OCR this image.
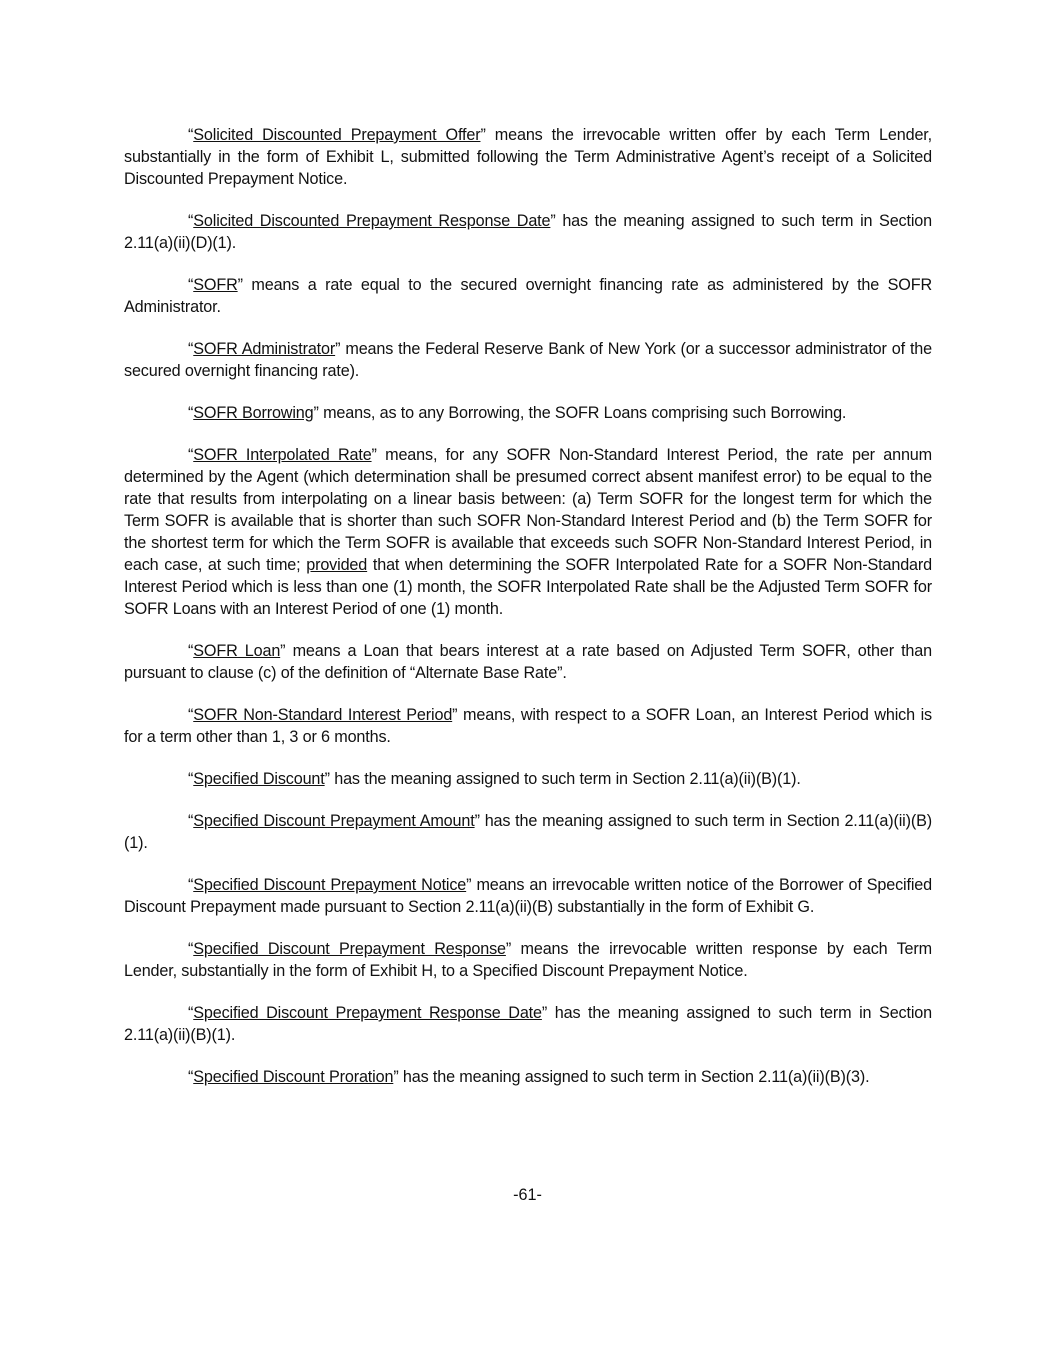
“Solicited Discounted Prepayment Offer” means the irrevocable written offer by each Term Lender, substantially in the form of Exhibit L, submitted following the Term Administrative Agent’s receipt of a Solicited Discounted Prepayment Notice.

“Solicited Discounted Prepayment Response Date” has the meaning assigned to such term in Section 2.11(a)(ii)(D)(1).

“SOFR” means a rate equal to the secured overnight financing rate as administered by the SOFR Administrator.

“SOFR Administrator” means the Federal Reserve Bank of New York (or a successor administrator of the secured overnight financing rate).

“SOFR Borrowing” means, as to any Borrowing, the SOFR Loans comprising such Borrowing.

“SOFR Interpolated Rate” means, for any SOFR Non-Standard Interest Period, the rate per annum determined by the Agent (which determination shall be presumed correct absent manifest error) to be equal to the rate that results from interpolating on a linear basis between: (a) Term SOFR for the longest term for which the Term SOFR is available that is shorter than such SOFR Non-Standard Interest Period and (b) the Term SOFR for the shortest term for which the Term SOFR is available that exceeds such SOFR Non-Standard Interest Period, in each case, at such time; provided that when determining the SOFR Interpolated Rate for a SOFR Non-Standard Interest Period which is less than one (1) month, the SOFR Interpolated Rate shall be the Adjusted Term SOFR for SOFR Loans with an Interest Period of one (1) month.

“SOFR Loan” means a Loan that bears interest at a rate based on Adjusted Term SOFR, other than pursuant to clause (c) of the definition of “Alternate Base Rate”.

“SOFR Non-Standard Interest Period” means, with respect to a SOFR Loan, an Interest Period which is for a term other than 1, 3 or 6 months.

“Specified Discount” has the meaning assigned to such term in Section 2.11(a)(ii)(B)(1).

“Specified Discount Prepayment Amount” has the meaning assigned to such term in Section 2.11(a)(ii)(B)(1).

“Specified Discount Prepayment Notice” means an irrevocable written notice of the Borrower of Specified Discount Prepayment made pursuant to Section 2.11(a)(ii)(B) substantially in the form of Exhibit G.

“Specified Discount Prepayment Response” means the irrevocable written response by each Term Lender, substantially in the form of Exhibit H, to a Specified Discount Prepayment Notice.

“Specified Discount Prepayment Response Date” has the meaning assigned to such term in Section 2.11(a)(ii)(B)(1).

“Specified Discount Proration” has the meaning assigned to such term in Section 2.11(a)(ii)(B)(3).

-61-
